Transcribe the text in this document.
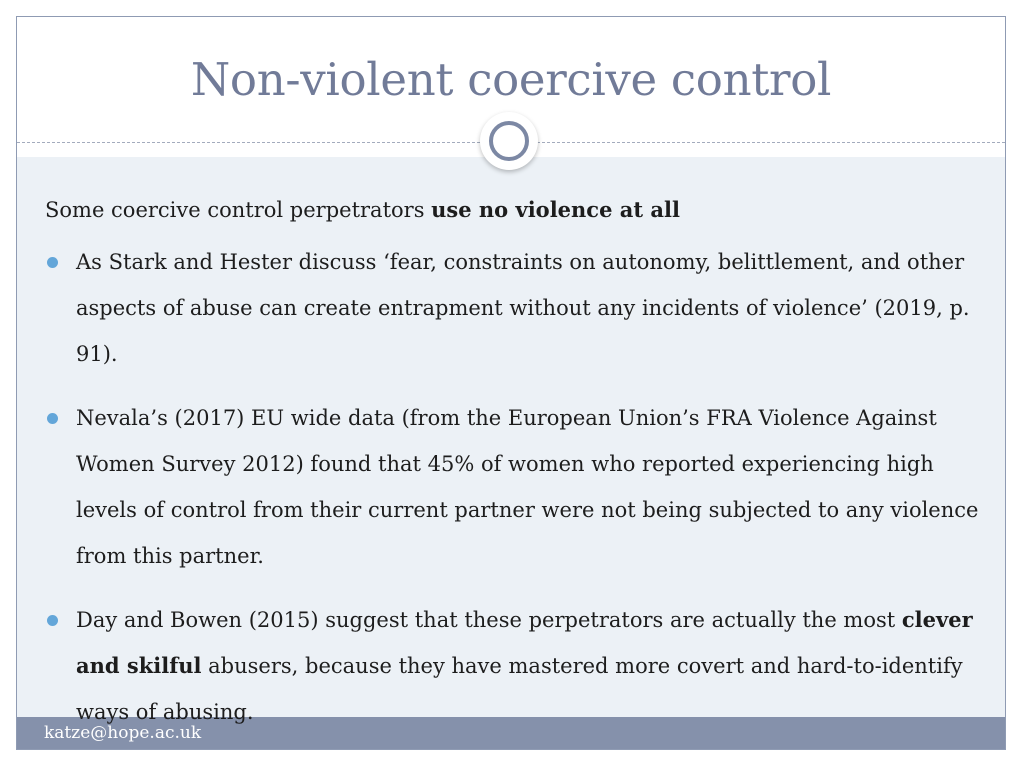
Non-violent coercive control

Some coercive control perpetrators use no violence at all

As Stark and Hester discuss ‘fear, constraints on autonomy, belittlement, and other aspects of abuse can create entrapment without any incidents of violence’ (2019, p. 91).
Nevala’s (2017) EU wide data (from the European Union’s FRA Violence Against Women Survey 2012) found that 45% of women who reported experiencing high levels of control from their current partner were not being subjected to any violence from this partner.
Day and Bowen (2015) suggest that these perpetrators are actually the most clever and skilful abusers, because they have mastered more covert and hard-to-identify ways of abusing.
katze@hope.ac.uk
